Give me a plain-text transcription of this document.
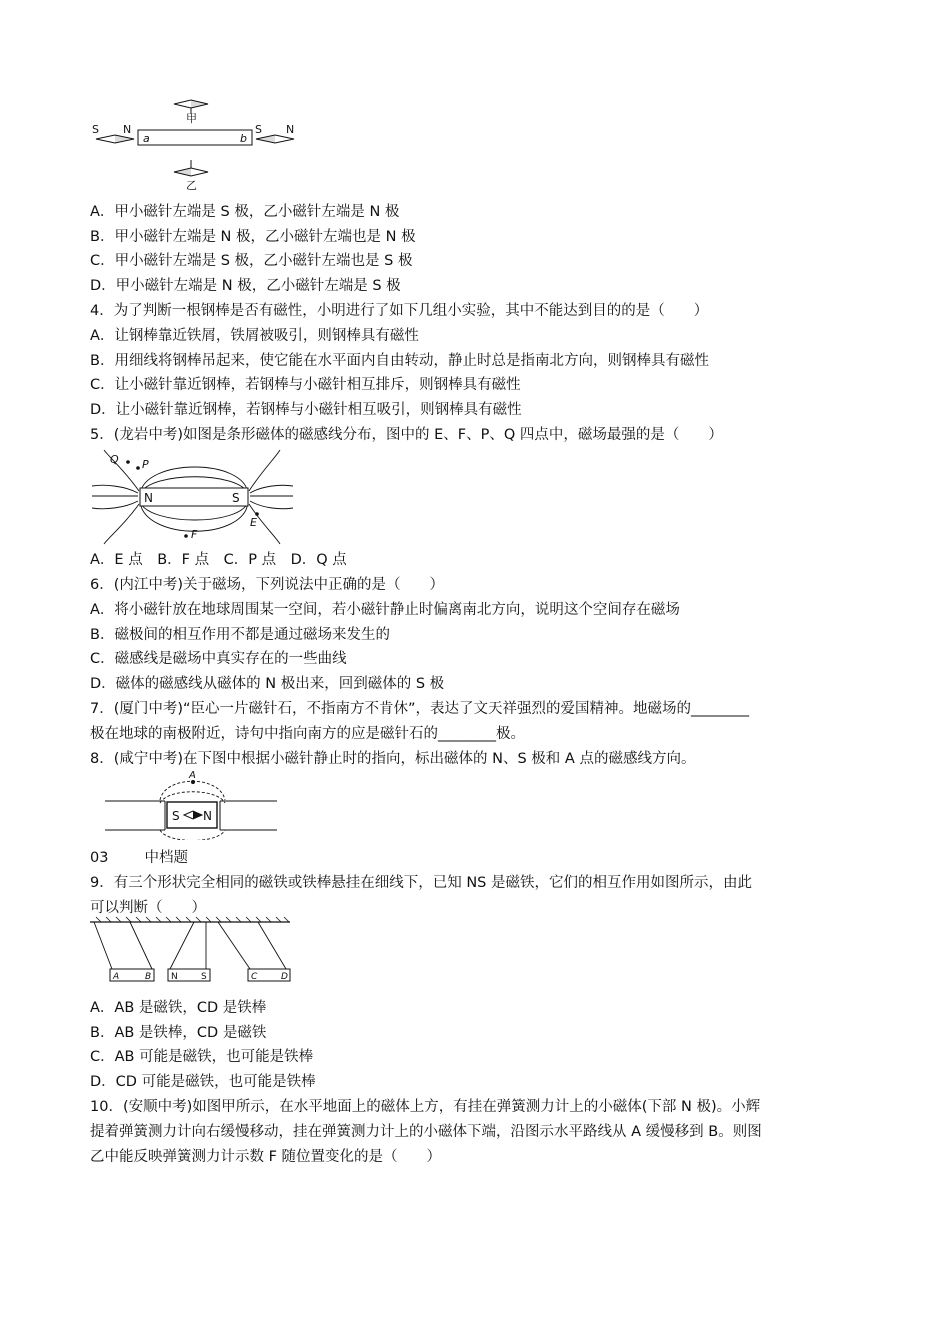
甲
S N
a	b
S N
乙
A．甲小磁针左端是 S 极，乙小磁针左端是 N 极
B．甲小磁针左端是 N 极，乙小磁针左端也是 N 极
C．甲小磁针左端是 S 极，乙小磁针左端也是 S 极
D．甲小磁针左端是 N 极，乙小磁针左端是 S 极
4．为了判断一根钢棒是否有磁性，小明进行了如下几组小实验，其中不能达到目的的是（　　）
A．让钢棒靠近铁屑，铁屑被吸引，则钢棒具有磁性
B．用细线将钢棒吊起来，使它能在水平面内自由转动，静止时总是指南北方向，则钢棒具有磁性
C．让小磁针靠近钢棒，若钢棒与小磁针相互排斥，则钢棒具有磁性
D．让小磁针靠近钢棒，若钢棒与小磁针相互吸引，则钢棒具有磁性
5．(龙岩中考)如图是条形磁体的磁感线分布，图中的 E、F、P、Q 四点中，磁场最强的是（　　）
N	S
Q P
E
F
A．E 点　B．F 点　C．P 点　D．Q 点
6．(内江中考)关于磁场，下列说法中正确的是（　　）
A．将小磁针放在地球周围某一空间，若小磁针静止时偏离南北方向，说明这个空间存在磁场
B．磁极间的相互作用不都是通过磁场来发生的
C．磁感线是磁场中真实存在的一些曲线
D．磁体的磁感线从磁体的 N 极出来，回到磁体的 S 极
7．(厦门中考)“臣心一片磁针石，不指南方不肯休”，表达了文天祥强烈的爱国精神。地磁场的________
极在地球的南极附近，诗句中指向南方的应是磁针石的________极。
8．(咸宁中考)在下图中根据小磁针静止时的指向，标出磁体的 N、S 极和 A 点的磁感线方向。
A
S N
03 中档题
9．有三个形状完全相同的磁铁或铁棒悬挂在细线下，已知 NS 是磁铁，它们的相互作用如图所示，由此
可以判断（　　）
A	B N	S	C	D
A．AB 是磁铁，CD 是铁棒
B．AB 是铁棒，CD 是磁铁
C．AB 可能是磁铁，也可能是铁棒
D．CD 可能是磁铁，也可能是铁棒
10．(安顺中考)如图甲所示，在水平地面上的磁体上方，有挂在弹簧测力计上的小磁体(下部 N 极)。小辉
提着弹簧测力计向右缓慢移动，挂在弹簧测力计上的小磁体下端，沿图示水平路线从 A 缓慢移到 B。则图
乙中能反映弹簧测力计示数 F 随位置变化的是（　　）
